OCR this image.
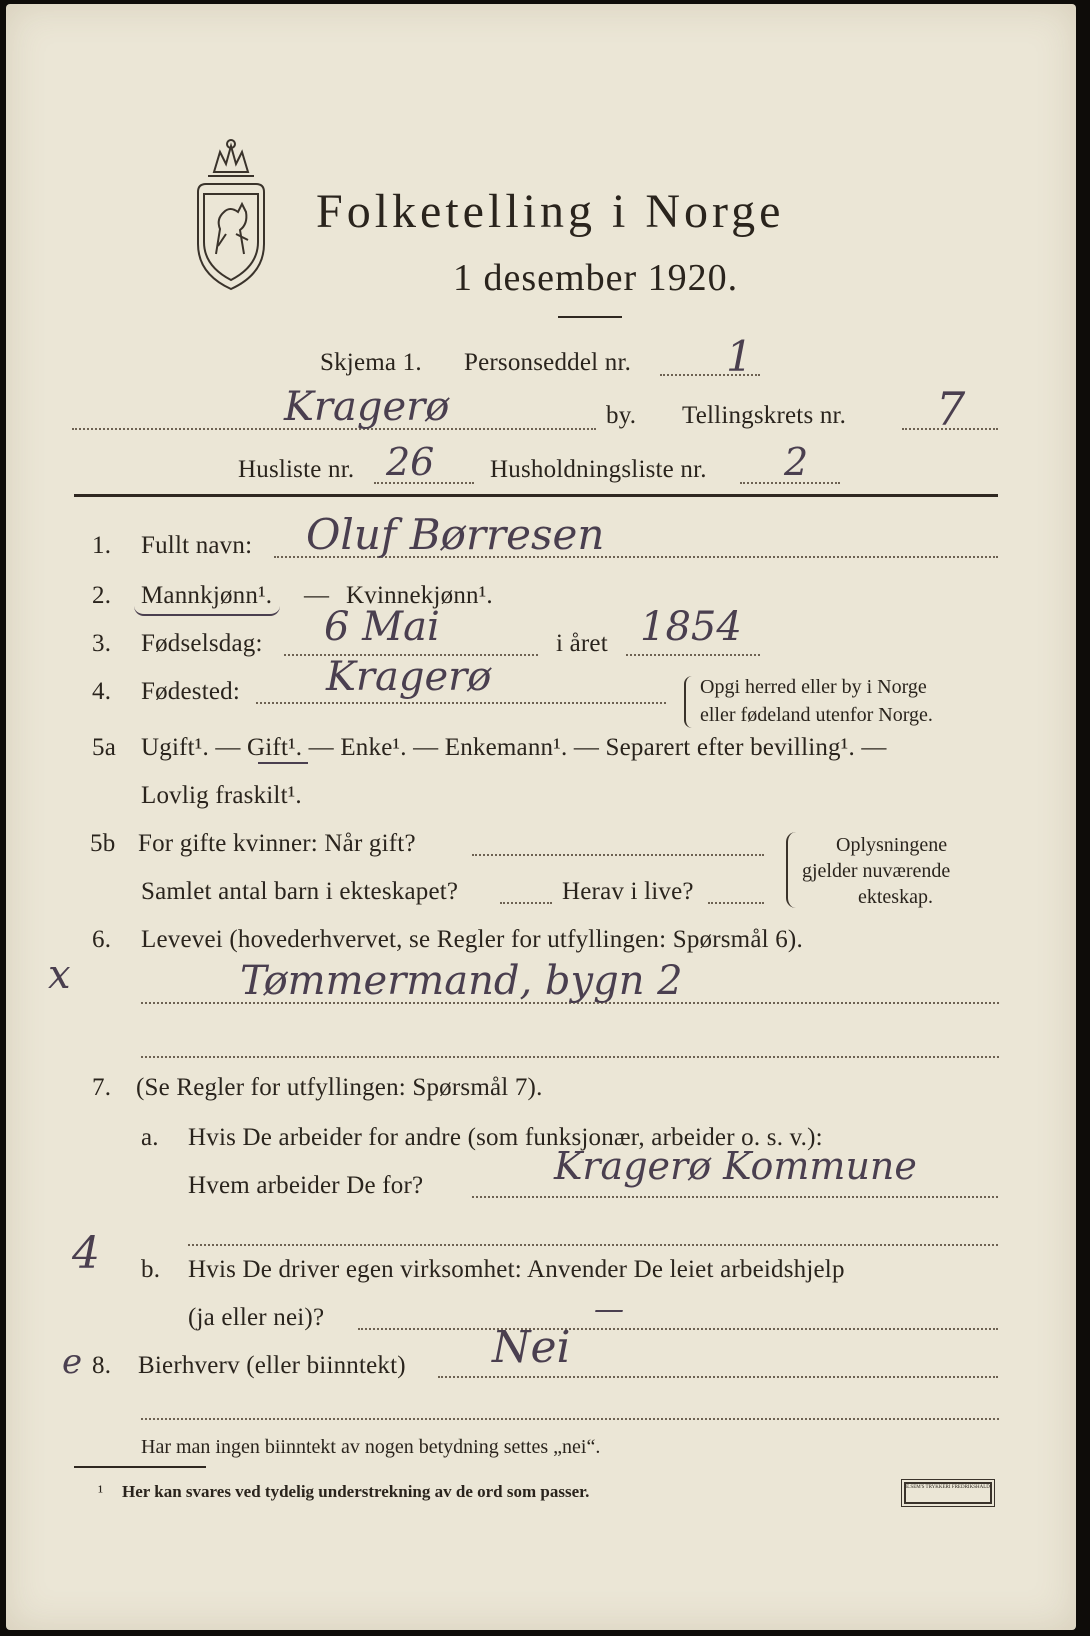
Folketelling i Norge
1 desember 1920.
Skjema 1. Personseddel nr. 1
Kragerø	by. Tellingskrets nr. 7
Husliste nr. 26 Husholdningsliste nr. 2
1. Fullt navn: Oluf Børresen
2. Mannkjønn¹. — Kvinnekjønn¹.
3. Fødselsdag: 6 Mai	i året 1854
4. Fødested: Kragerø	Opgi herred eller by i Norge
eller fødeland utenfor Norge.
5a Ugift¹. — Gift¹. — Enke¹. — Enkemann¹. — Separert efter bevilling¹. —
Lovlig fraskilt¹.
5b For gifte kvinner: Når gift?
Samlet antal barn i ekteskapet?	Herav i live?
Oplysningene
gjelder nuværende
ekteskap.
6. Levevei (hovederhvervet, se Regler for utfyllingen: Spørsmål 6).
x	Tømmermand, bygn 2
7. (Se Regler for utfyllingen: Spørsmål 7).
a. Hvis De arbeider for andre (som funksjonær, arbeider o. s. v.):
Hvem arbeider De for?	Kragerø Kommune
4 b. Hvis De driver egen virksomhet: Anvender De leiet arbeidshjelp
(ja eller nei)?	—
e 8. Bierhverv (eller biinntekt) Nei
Har man ingen biinntekt av nogen betydning settes „nei“.
¹ Her kan svares ved tydelig understrekning av de ord som passer.	E.SEM'S TRYKKERI FREDRIKSHALD
